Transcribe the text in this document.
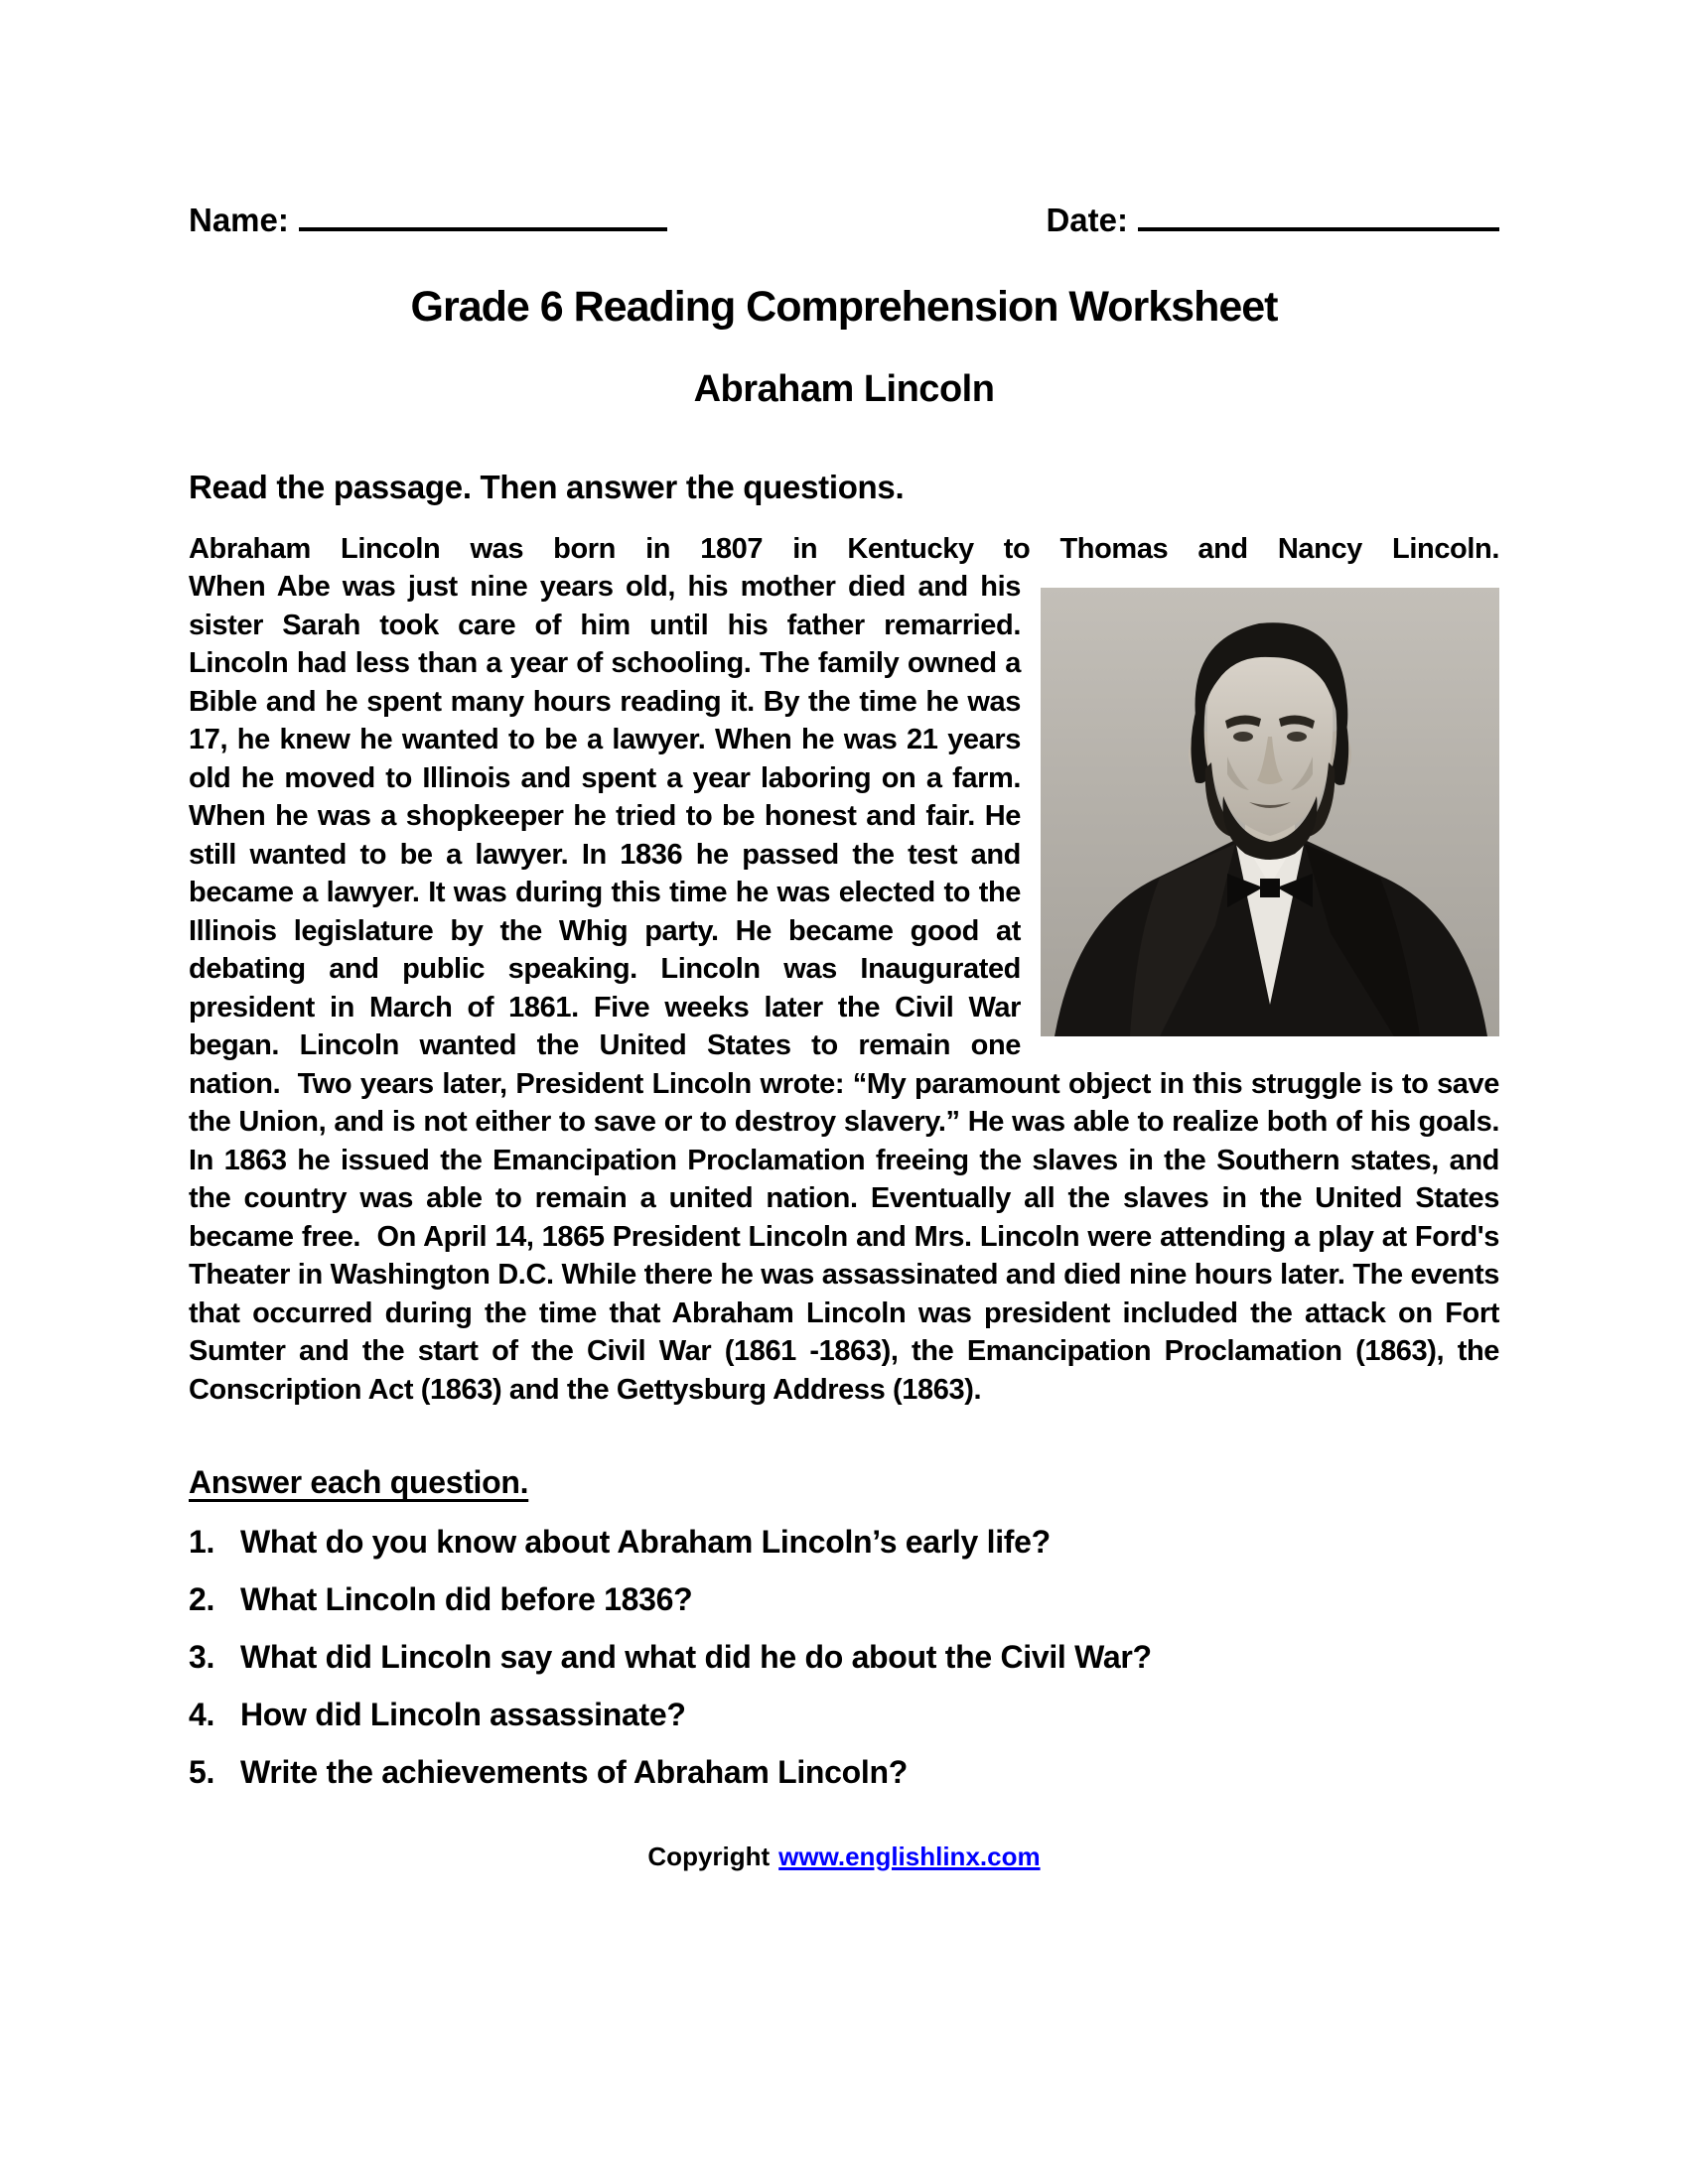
Name:	Date:
Grade 6 Reading Comprehension Worksheet
Abraham Lincoln
Read the passage. Then answer the questions.
Abraham Lincoln was born in 1807 in Kentucky to Thomas and Nancy Lincoln.
When Abe was just nine years old, his mother died and his sister Sarah took care of him until his father remarried. Lincoln had less than a year of schooling. The family owned a Bible and he spent many hours reading it. By the time he was 17, he knew he wanted to be a lawyer. When he was 21 years old he moved to Illinois and spent a year laboring on a farm. When he was a shopkeeper he tried to be honest and fair. He still wanted to be a lawyer. In 1836 he passed the test and became a lawyer. It was during this time he was elected to the Illinois legislature by the Whig party. He became good at debating and public speaking. Lincoln was Inaugurated president in March of 1861. Five weeks later the Civil War began. Lincoln wanted the United States to remain one nation.  Two years later, President Lincoln wrote: “My paramount object in this struggle is to save the Union, and is not either to save or to destroy slavery.” He was able to realize both of his goals. In 1863 he issued the Emancipation Proclamation freeing the slaves in the Southern states, and the country was able to remain a united nation. Eventually all the slaves in the United States became free.  On April 14, 1865 President Lincoln and Mrs. Lincoln were attending a play at Ford's Theater in Washington D.C. While there he was assassinated and died nine hours later. The events that occurred during the time that Abraham Lincoln was president included the attack on Fort Sumter and the start of the Civil War (1861 -1863), the Emancipation Proclamation (1863), the Conscription Act (1863) and the Gettysburg Address (1863).
Answer each question.
1. What do you know about Abraham Lincoln’s early life?
2. What Lincoln did before 1836?
3. What did Lincoln say and what did he do about the Civil War?
4. How did Lincoln assassinate?
5. Write the achievements of Abraham Lincoln?
Copyright www.englishlinx.com
